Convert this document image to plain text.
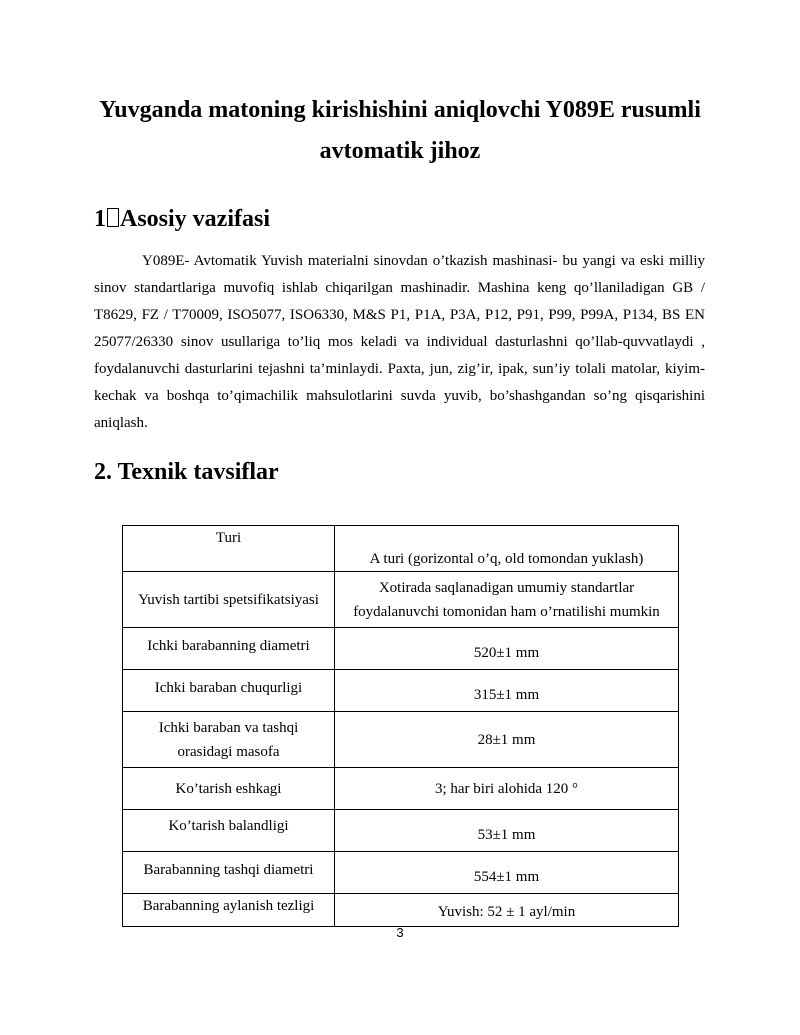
Yuvganda matoning kirishishini aniqlovchi Y089E rusumli
avtomatik jihoz
1 Asosiy vazifasi

Y089E- Avtomatik Yuvish materialni sinovdan o’tkazish mashinasi- bu yangi va eski milliy sinov standartlariga muvofiq ishlab chiqarilgan mashinadir. Mashina keng qo’llaniladigan GB / T8629, FZ / T70009, ISO5077, ISO6330, M&S P1, P1A, P3A, P12, P91, P99, P99A, P134, BS EN 25077/26330 sinov usullariga to’liq mos keladi va individual dasturlashni qo’llab-quvvatlaydi , foydalanuvchi dasturlarini tejashni ta’minlaydi. Paxta, jun, zig’ir, ipak, sun’iy tolali matolar, kiyim-kechak va boshqa to’qimachilik mahsulotlarini suvda yuvib, bo’shashgandan so’ng qisqarishini aniqlash.

2. Texnik tavsiflar
Turi	A turi (gorizontal o’q, old tomondan yuklash)
Yuvish tartibi spetsifikatsiyasi	Xotirada saqlanadigan umumiy standartlar
foydalanuvchi tomonidan ham o’rnatilishi mumkin

Ichki barabanning diametri	520±1 mm
Ichki baraban chuqurligi	315±1 mm

Ichki baraban va tashqi
orasidagi masofa	28±1 mm
Ko’tarish eshkagi	3; har biri alohida 120 °
Ko’tarish balandligi	53±1 mm
Barabanning tashqi diametri	554±1 mm
Barabanning aylanish tezligi	Yuvish: 52 ± 1 ayl/min
3
